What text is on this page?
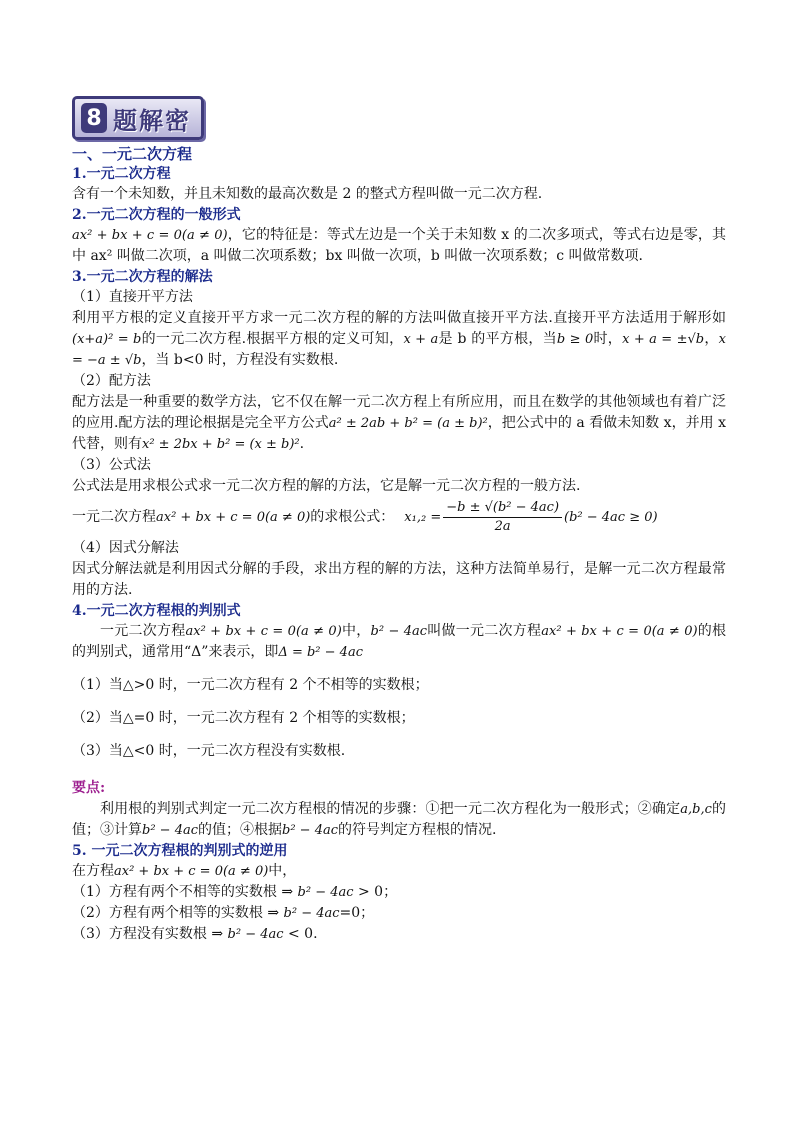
8 题解密
一、一元二次方程
1.一元二次方程
含有一个未知数，并且未知数的最高次数是 2 的整式方程叫做一元二次方程.
2.一元二次方程的一般形式
ax² + bx + c = 0(a ≠ 0)，它的特征是：等式左边是一个关于未知数 x 的二次多项式，等式右边是零，其中 ax² 叫做二次项，a 叫做二次项系数；bx 叫做一次项，b 叫做一次项系数；c 叫做常数项.
3.一元二次方程的解法
（1）直接开平方法
利用平方根的定义直接开平方求一元二次方程的解的方法叫做直接开平方法.直接开平方法适用于解形如(x+a)² = b的一元二次方程.根据平方根的定义可知，x + a是 b 的平方根，当b ≥ 0时，x + a = ±√b，x = −a ± √b，当 b<0 时，方程没有实数根.
（2）配方法
配方法是一种重要的数学方法，它不仅在解一元二次方程上有所应用，而且在数学的其他领域也有着广泛的应用.配方法的理论根据是完全平方公式a² ± 2ab + b² = (a ± b)²，把公式中的 a 看做未知数 x，并用 x 代替，则有x² ± 2bx + b² = (x ± b)².
（3）公式法
公式法是用求根公式求一元二次方程的解的方法，它是解一元二次方程的一般方法.
一元二次方程 ax² + bx + c = 0(a ≠ 0) 的求根公式： $x_1,_2 = \frac{\text{−b ± √(b² − 4ac)}}{2a} (b^2 - 4ac \ge 0)$
（4）因式分解法
因式分解法就是利用因式分解的手段，求出方程的解的方法，这种方法简单易行，是解一元二次方程最常用的方法.
4.一元二次方程根的判别式
一元二次方程ax² + bx + c = 0(a ≠ 0)中，b² − 4ac叫做一元二次方程ax² + bx + c = 0(a ≠ 0)的根的判别式，通常用“Δ”来表示，即Δ = b² − 4ac
（1）当△>0 时，一元二次方程有 2 个不相等的实数根；
（2）当△=0 时，一元二次方程有 2 个相等的实数根；
（3）当△<0 时，一元二次方程没有实数根.
要点:
利用根的判别式判定一元二次方程根的情况的步骤：①把一元二次方程化为一般形式；②确定a,b,c的值；③计算b² − 4ac的值；④根据b² − 4ac的符号判定方程根的情况.
5. 一元二次方程根的判别式的逆用
在方程ax² + bx + c = 0(a ≠ 0)中，
（1）方程有两个不相等的实数根 ⇒ b² − 4ac > 0；
（2）方程有两个相等的实数根 ⇒ b² − 4ac=0；
（3）方程没有实数根 ⇒ b² − 4ac < 0.
